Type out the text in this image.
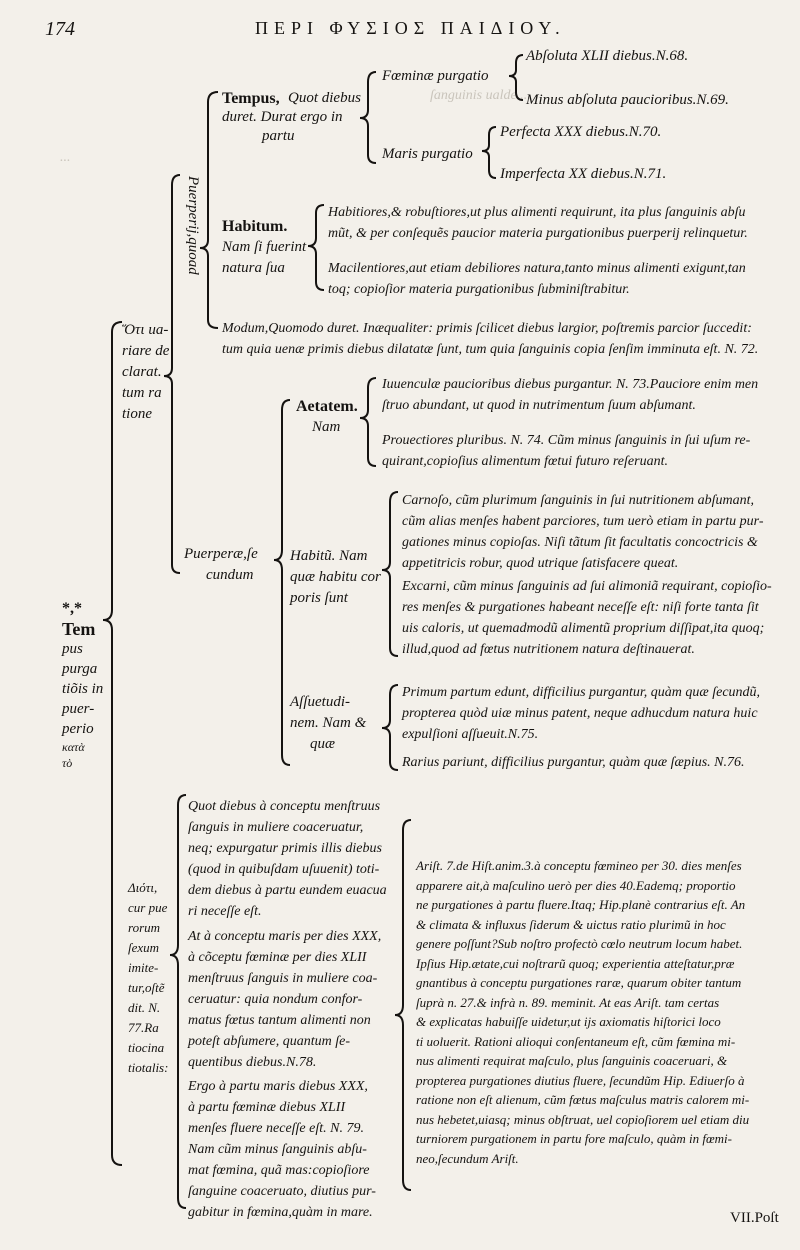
ſanguinis ualde ...
...
174	ΠΕΡΙ ΦΥΣΙΟΣ ΠΑΙΔΙΟΥ.
*,*
Tem
pus
purga
tiõis in
puer-
perio
κατὰ
τὸ
Ὅτι ua-
riare de
clarat.
tum ra
tione
Puerperij,quoad
Tempus, Quot diebus
duret. Durat ergo in
partu
Fœminæ purgatio
Abſoluta XLII diebus.N.68.
Minus abſoluta paucioribus.N.69.
Maris purgatio
Perfecta XXX diebus.N.70.
Imperfecta XX diebus.N.71.
Habitum.
Nam ſi fuerint
natura ſua
Habitiores,& robuſtiores,ut plus alimenti requirunt, ita plus ſanguinis abſu
mũt, & per conſequẽs paucior materia purgationibus puerperij relinquetur.
Macilentiores,aut etiam debiliores natura,tanto minus alimenti exigunt,tan
toq; copioſior materia purgationibus ſubminiſtrabitur.
Modum,Quomodo duret. Inæqualiter: primis ſcilicet diebus largior, poſtremis parcior ſuccedit:
tum quia uenæ primis diebus dilatatæ ſunt, tum quia ſanguinis copia ſenſim imminuta eſt. N. 72.
Puerperæ,ſe
cundum
Aetatem.
Nam
Iuuenculæ paucioribus diebus purgantur. N. 73.Pauciore enim men
ſtruo abundant, ut quod in nutrimentum ſuum abſumant.
Prouectiores pluribus. N. 74. Cũm minus ſanguinis in ſui uſum re-
quirant,copioſius alimentum fœtui futuro reſeruant.
Habitũ. Nam
quæ habitu cor
poris ſunt
Carnoſo, cũm plurimum ſanguinis in ſui nutritionem abſumant,
cũm alias menſes habent parciores, tum uerò etiam in partu pur-
gationes minus copioſas. Niſi tãtum ſit facultatis concoctricis &
appetitricis robur, quod utrique ſatisfacere queat.
Excarni, cũm minus ſanguinis ad ſui alimoniã requirant, copioſio-
res menſes & purgationes habeant neceſſe eſt: niſi forte tanta ſit
uis caloris, ut quemadmodũ alimentũ proprium diſſipat,ita quoq;
illud,quod ad fœtus nutritionem natura deſtinauerat.
Aſſuetudi-
nem. Nam &
quæ
Primum partum edunt, difficilius purgantur, quàm quæ ſecundũ,
propterea quòd uiæ minus patent, neque adhucdum natura huic
expulſioni aſſueuit.N.75.
Rarius pariunt, difficilius purgantur, quàm quæ ſæpius. N.76.
Διότι,
cur pue
rorum
ſexum
imite-
tur,oſtẽ
dit. N.
77.Ra
tiocina
tiotalis:
Quot diebus à conceptu menſtruus
ſanguis in muliere coaceruatur,
neq; expurgatur primis illis diebus
(quod in quibuſdam uſuuenit) toti-
dem diebus à partu eundem euacua
ri neceſſe eſt.
At à conceptu maris per dies XXX,
à cõceptu fœminæ per dies XLII
menſtruus ſanguis in muliere coa-
ceruatur: quia nondum confor-
matus fœtus tantum alimenti non
poteſt abſumere, quantum ſe-
quentibus diebus.N.78.
Ergo à partu maris diebus XXX,
à partu fœminæ diebus XLII
menſes fluere neceſſe eſt. N. 79.
Nam cũm minus ſanguinis abſu-
mat fœmina, quã mas:copioſiore
ſanguine coaceruato, diutius pur-
gabitur in fœmina,quàm in mare.
Ariſt. 7.de Hiſt.anim.3.à conceptu fœmineo per 30. dies menſes
apparere ait,à maſculino uerò per dies 40.Eademq; proportio
ne purgationes à partu fluere.Itaq; Hip.planè contrarius eſt. An
& climata & influxus ſiderum & uictus ratio plurimũ in hoc
genere poſſunt?Sub noſtro profectò cœlo neutrum locum habet.
Ipſius Hip.ætate,cui noſtrarũ quoq; experientia atteſtatur,præ
gnantibus à conceptu purgationes raræ, quarum obiter tantum
ſuprà n. 27.& infrà n. 89. meminit. At eas Ariſt. tam certas
& explicatas habuiſſe uidetur,ut ijs axiomatis hiſtorici loco
ti uoluerit. Rationi alioqui conſentaneum eſt, cũm fœmina mi-
nus alimenti requirat maſculo, plus ſanguinis coaceruari, &
propterea purgationes diutius fluere, ſecundũm Hip. Ediuerſo à
ratione non eſt alienum, cũm fœtus maſculus matris calorem mi-
nus hebetet,uiasq; minus obſtruat, uel copioſiorem uel etiam diu
turniorem purgationem in partu fore maſculo, quàm in fœmi-
neo,ſecundum Ariſt.
VII.Poſt
